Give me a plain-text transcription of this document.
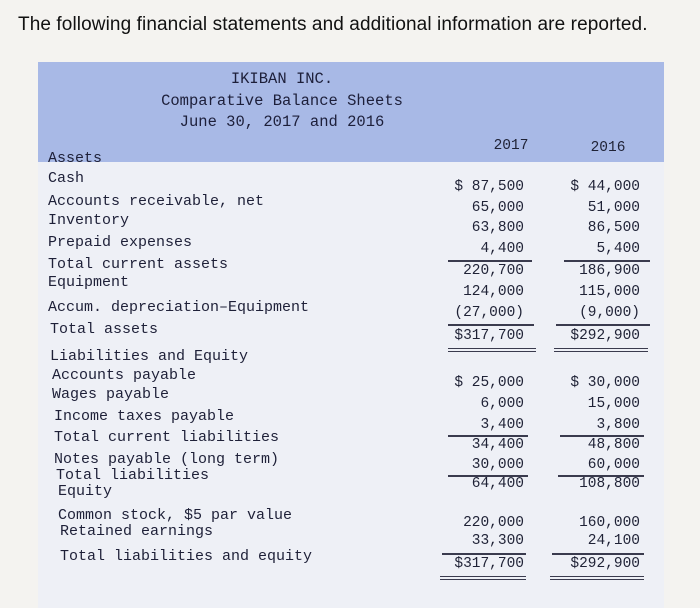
The following financial statements and additional information are reported.
IKIBAN INC.
Comparative Balance Sheets
June 30, 2017 and 2016
2017	2016
Assets
Cash
Accounts receivable, net
Inventory
Prepaid expenses
Total current assets
Equipment
Accum. depreciation–Equipment
Total assets
Liabilities and Equity
Accounts payable
Wages payable
Income taxes payable
Total current liabilities
Notes payable (long term)
Total liabilities
Equity
Common stock, $5 par value
Retained earnings
Total liabilities and equity
$ 87,500
65,000
63,800
4,400
220,700
124,000
(27,000)
$317,700
$ 25,000
6,000
3,400
34,400
30,000
64,400
220,000
33,300
$317,700
$ 44,000
51,000
86,500
5,400
186,900
115,000
(9,000)
$292,900
$ 30,000
15,000
3,800
48,800
60,000
108,800
160,000
24,100
$292,900
